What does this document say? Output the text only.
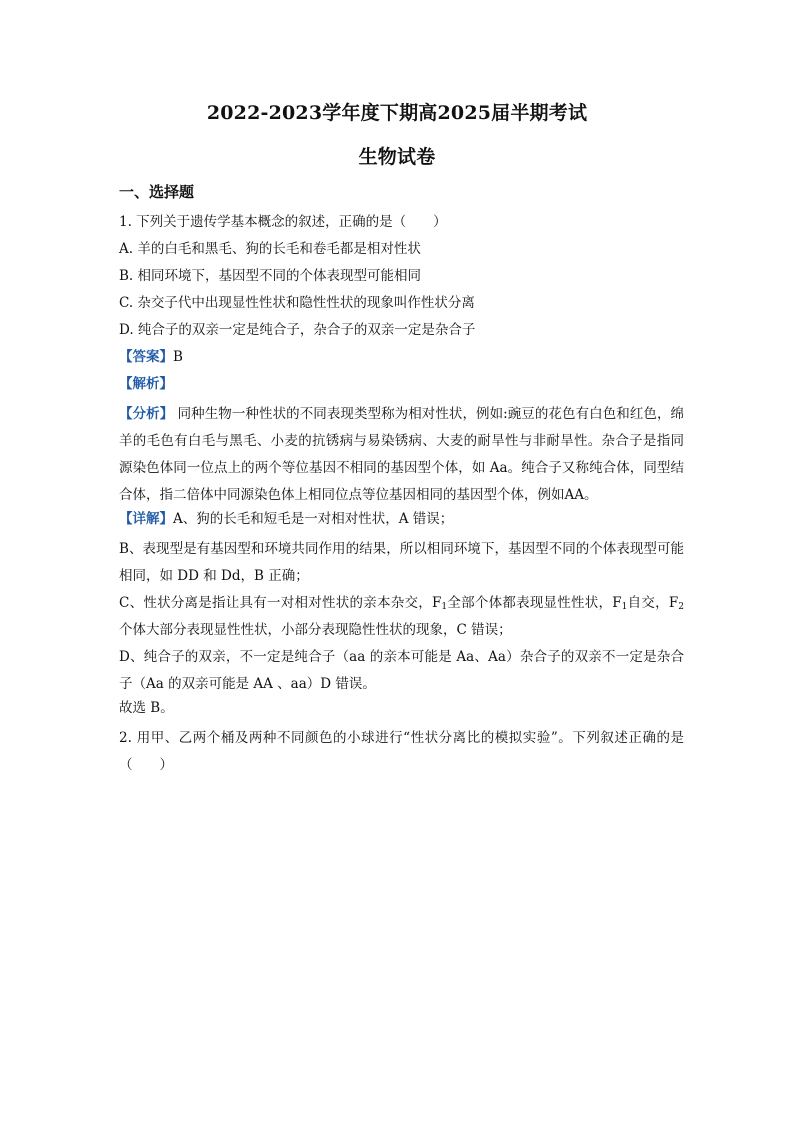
2022-2023学年度下期高2025届半期考试
生物试卷
一、选择题

1. 下列关于遗传学基本概念的叙述，正确的是（　　）

A. 羊的白毛和黑毛、狗的长毛和卷毛都是相对性状

B. 相同环境下，基因型不同的个体表现型可能相同

C. 杂交子代中出现显性性状和隐性性状的现象叫作性状分离

D. 纯合子的双亲一定是纯合子，杂合子的双亲一定是杂合子

【答案】B

【解析】

【分析】 同种生物一种性状的不同表现类型称为相对性状，例如:豌豆的花色有白色和红色，绵羊的毛色有白毛与黑毛、小麦的抗锈病与易染锈病、大麦的耐旱性与非耐旱性。杂合子是指同源染色体同一位点上的两个等位基因不相同的基因型个体，如 Aa。纯合子又称纯合体，同型结合体，指二倍体中同源染色体上相同位点等位基因相同的基因型个体，例如AA。

【详解】A、狗的长毛和短毛是一对相对性状，A 错误；

B、表现型是有基因型和环境共同作用的结果，所以相同环境下，基因型不同的个体表现型可能相同，如 DD 和 Dd，B 正确；

C、性状分离是指让具有一对相对性状的亲本杂交，$F_1$全部个体都表现显性性状，$F_1$自交，$F_2$个体大部分表现显性性状，小部分表现隐性性状的现象，C 错误；

D、纯合子的双亲，不一定是纯合子（aa 的亲本可能是 Aa、Aa）杂合子的双亲不一定是杂合子（Aa 的双亲可能是 AA 、aa）D 错误。

故选 B。

2. 用甲、乙两个桶及两种不同颜色的小球进行“性状分离比的模拟实验”。下列叙述正确的是（　　）
